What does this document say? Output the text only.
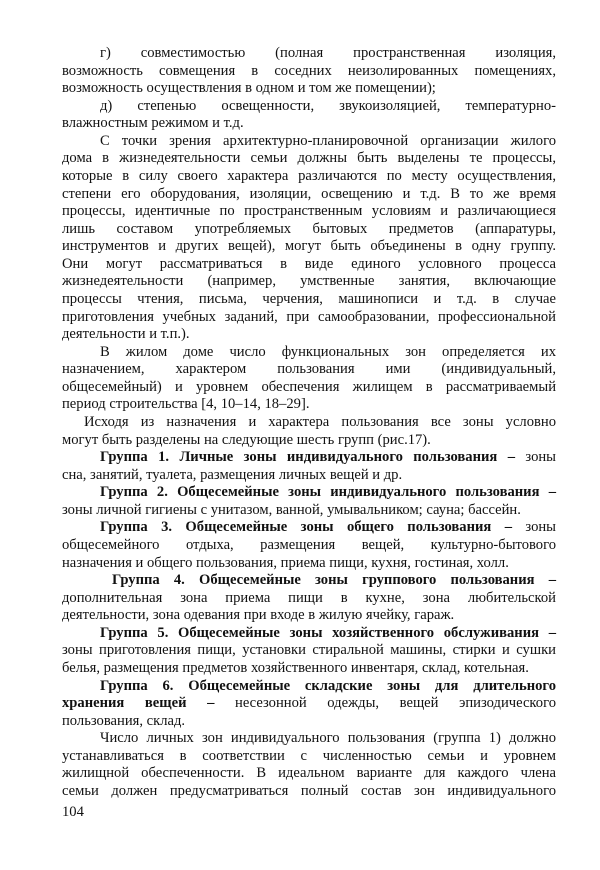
г) совместимостью (полная пространственная изоляция,
возможность совмещения в соседних неизолированных помещениях,
возможность осуществления в одном и том же помещении);
д) степенью освещенности, звукоизоляцией, температурно-
влажностным режимом и т.д.
С точки зрения архитектурно-планировочной организации жилого
дома в жизнедеятельности семьи должны быть выделены те процессы,
которые в силу своего характера различаются по месту осуществления,
степени его оборудования, изоляции, освещению и т.д. В то же время
процессы, идентичные по пространственным условиям и различающиеся
лишь составом употребляемых бытовых предметов (аппаратуры,
инструментов и других вещей), могут быть объединены в одну группу.
Они могут рассматриваться в виде единого условного процесса
жизнедеятельности (например, умственные занятия, включающие
процессы чтения, письма, черчения, машинописи и т.д. в случае
приготовления учебных заданий, при самообразовании, профессиональной
деятельности и т.п.).
В жилом доме число функциональных зон определяется их
назначением, характером пользования ими (индивидуальный,
общесемейный) и уровнем обеспечения жилищем в рассматриваемый
период строительства [4, 10–14, 18–29].
Исходя из назначения и характера пользования все зоны условно
могут быть разделены на следующие шесть групп (рис.17).
Группа 1. Личные зоны индивидуального пользования – зоны
сна, занятий, туалета, размещения личных вещей и др.
Группа 2. Общесемейные зоны индивидуального пользования –
зоны личной гигиены с унитазом, ванной, умывальником; сауна; бассейн.
Группа 3. Общесемейные зоны общего пользования – зоны
общесемейного отдыха, размещения вещей, культурно-бытового
назначения и общего пользования, приема пищи, кухня, гостиная, холл.
Группа 4. Общесемейные зоны группового пользования –
дополнительная зона приема пищи в кухне, зона любительской
деятельности, зона одевания при входе в жилую ячейку, гараж.
Группа 5. Общесемейные зоны хозяйственного обслуживания –
зоны приготовления пищи, установки стиральной машины, стирки и сушки
белья, размещения предметов хозяйственного инвентаря, склад, котельная.
Группа 6. Общесемейные складские зоны для длительного
хранения вещей – несезонной одежды, вещей эпизодического
пользования, склад.
Число личных зон индивидуального пользования (группа 1) должно
устанавливаться в соответствии с численностью семьи и уровнем
жилищной обеспеченности. В идеальном варианте для каждого члена
семьи должен предусматриваться полный состав зон индивидуального
104
